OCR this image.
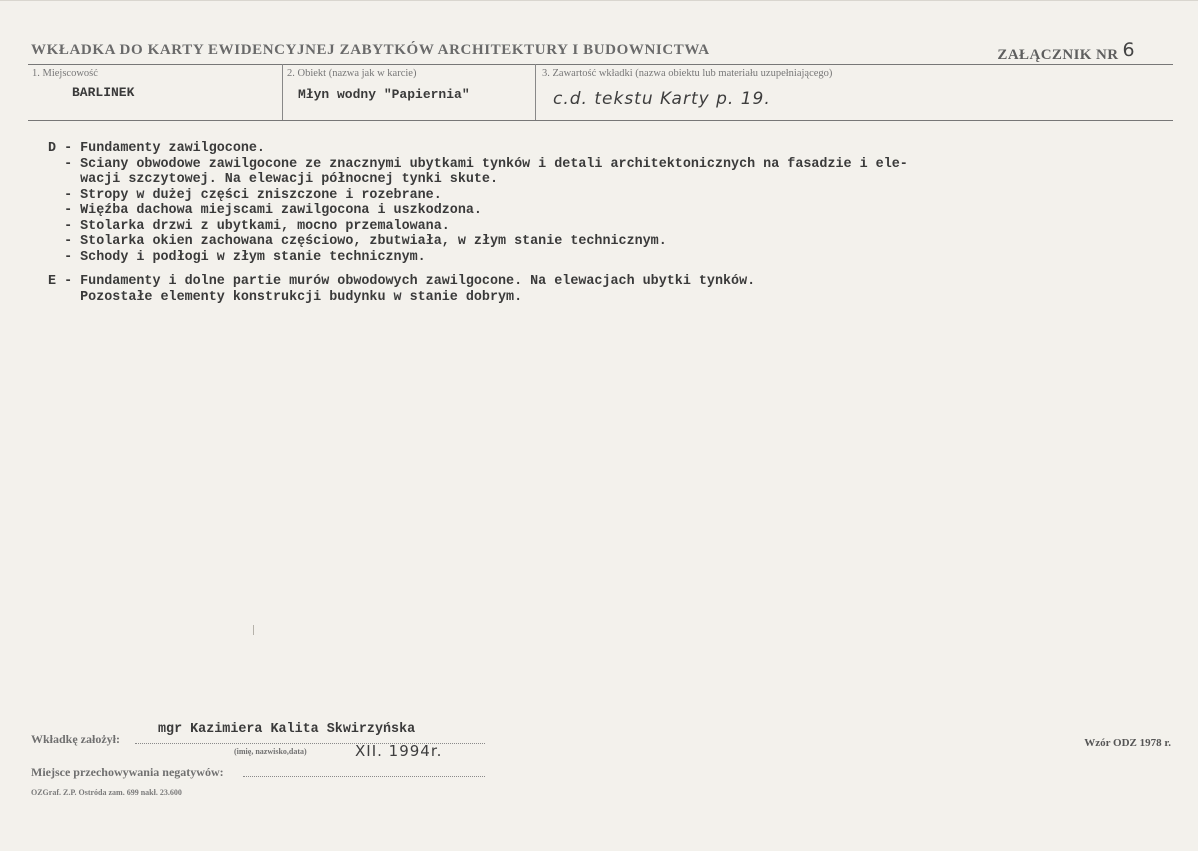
WKŁADKA DO KARTY EWIDENCYJNEJ ZABYTKÓW ARCHITEKTURY I BUDOWNICTWA	ZAŁĄCZNIK NR 6
1. Miejscowość
BARLINEK
2. Obiekt (nazwa jak w karcie)
Młyn wodny "Papiernia"
3. Zawartość wkładki (nazwa obiektu lub materiału uzupełniającego)
c.d. tekstu Karty p. 19.
D - Fundamenty zawilgocone.
- Sciany obwodowe zawilgocone ze znacznymi ubytkami tynków i detali architektonicznych na fasadzie i ele-
wacji szczytowej. Na elewacji północnej tynki skute.
- Stropy w dużej części zniszczone i rozebrane.
- Więźba dachowa miejscami zawilgocona i uszkodzona.
- Stolarka drzwi z ubytkami, mocno przemalowana.
- Stolarka okien zachowana częściowo, zbutwiała, w złym stanie technicznym.
- Schody i podłogi w złym stanie technicznym.
E - Fundamenty i dolne partie murów obwodowych zawilgocone. Na elewacjach ubytki tynków.
Pozostałe elementy konstrukcji budynku w stanie dobrym.
Wkładkę założył:
mgr Kazimiera Kalita Skwirzyńska
(imię, nazwisko,data)	XII. 1994r.
Miejsce przechowywania negatywów:
OZGraf. Z.P. Ostróda zam. 699 nakł. 23.600
Wzór ODZ 1978 r.
